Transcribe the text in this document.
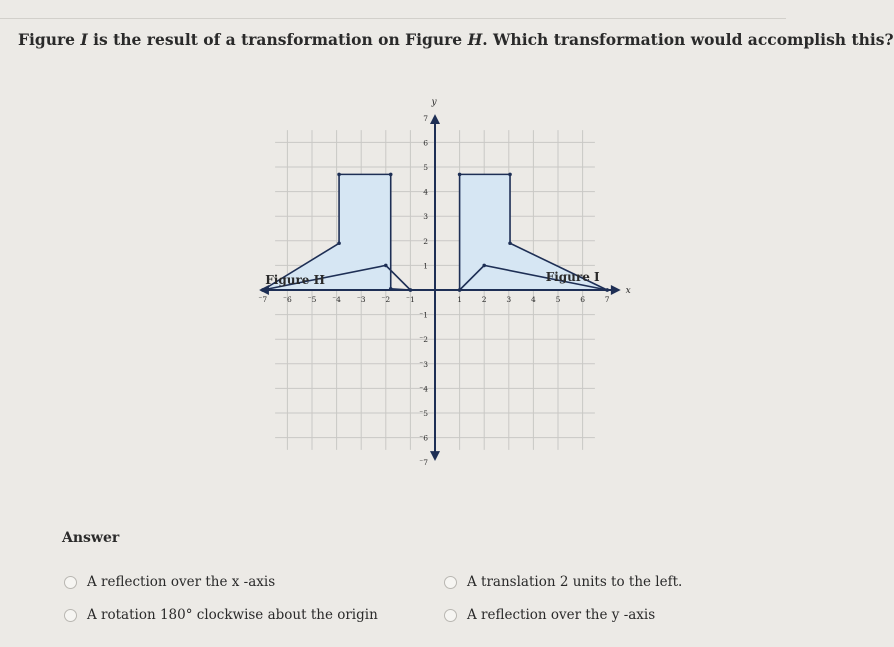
Figure I is the result of a transformation on Figure H. Which transformation would accomplish this?
⁻7 ⁻6 ⁻5 ⁻4 ⁻3 ⁻2 ⁻1	1	2	3	4	5	6	7
7
6
5
4
3
2
1
⁻1
⁻2
⁻3
⁻4
⁻5
⁻6
⁻7
y
x
Figure H	Figure I
Answer
A reflection over the x -axis	A translation 2 units to the left.
A rotation 180° clockwise about the origin	A reflection over the y -axis
